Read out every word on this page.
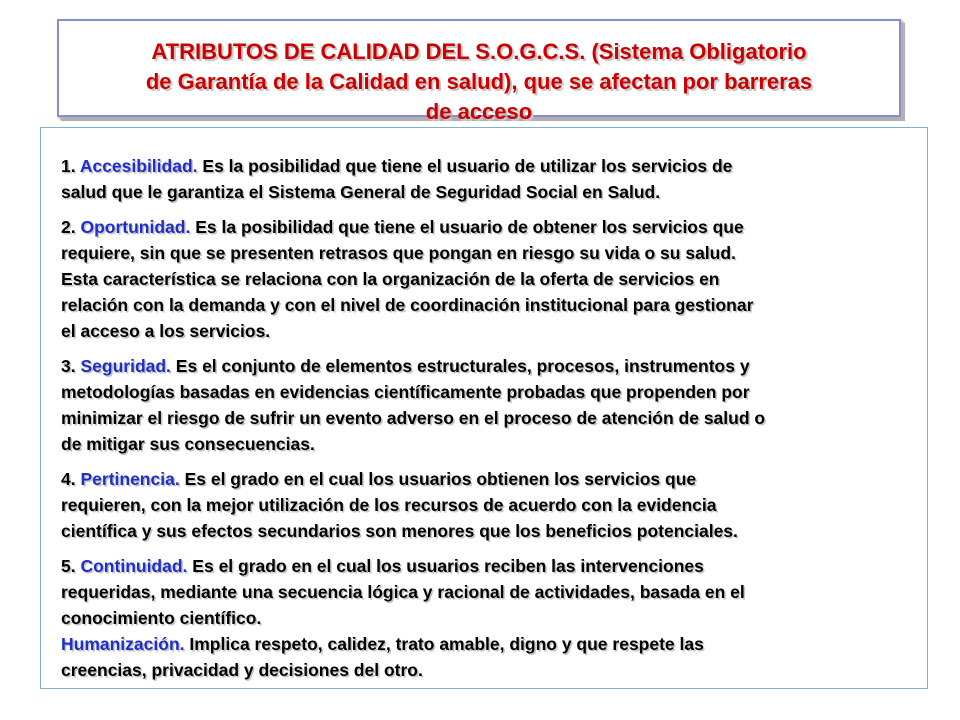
ATRIBUTOS DE CALIDAD DEL S.O.G.C.S. (Sistema Obligatorio
de Garantía de la Calidad en salud), que se afectan por barreras
de acceso

1. Accesibilidad. Es la posibilidad que tiene el usuario de utilizar los servicios de
salud que le garantiza el Sistema General de Seguridad Social en Salud.

2. Oportunidad. Es la posibilidad que tiene el usuario de obtener los servicios que
requiere, sin que se presenten retrasos que pongan en riesgo su vida o su salud.
Esta característica se relaciona con la organización de la oferta de servicios en
relación con la demanda y con el nivel de coordinación institucional para gestionar
el acceso a los servicios.

3. Seguridad. Es el conjunto de elementos estructurales, procesos, instrumentos y
metodologías basadas en evidencias científicamente probadas que propenden por
minimizar el riesgo de sufrir un evento adverso en el proceso de atención de salud o
de mitigar sus consecuencias.

4. Pertinencia. Es el grado en el cual los usuarios obtienen los servicios que
requieren, con la mejor utilización de los recursos de acuerdo con la evidencia
científica y sus efectos secundarios son menores que los beneficios potenciales.

5. Continuidad. Es el grado en el cual los usuarios reciben las intervenciones
requeridas, mediante una secuencia lógica y racional de actividades, basada en el
conocimiento científico.

Humanización. Implica respeto, calidez, trato amable, digno y que respete las
creencias, privacidad y decisiones del otro.
